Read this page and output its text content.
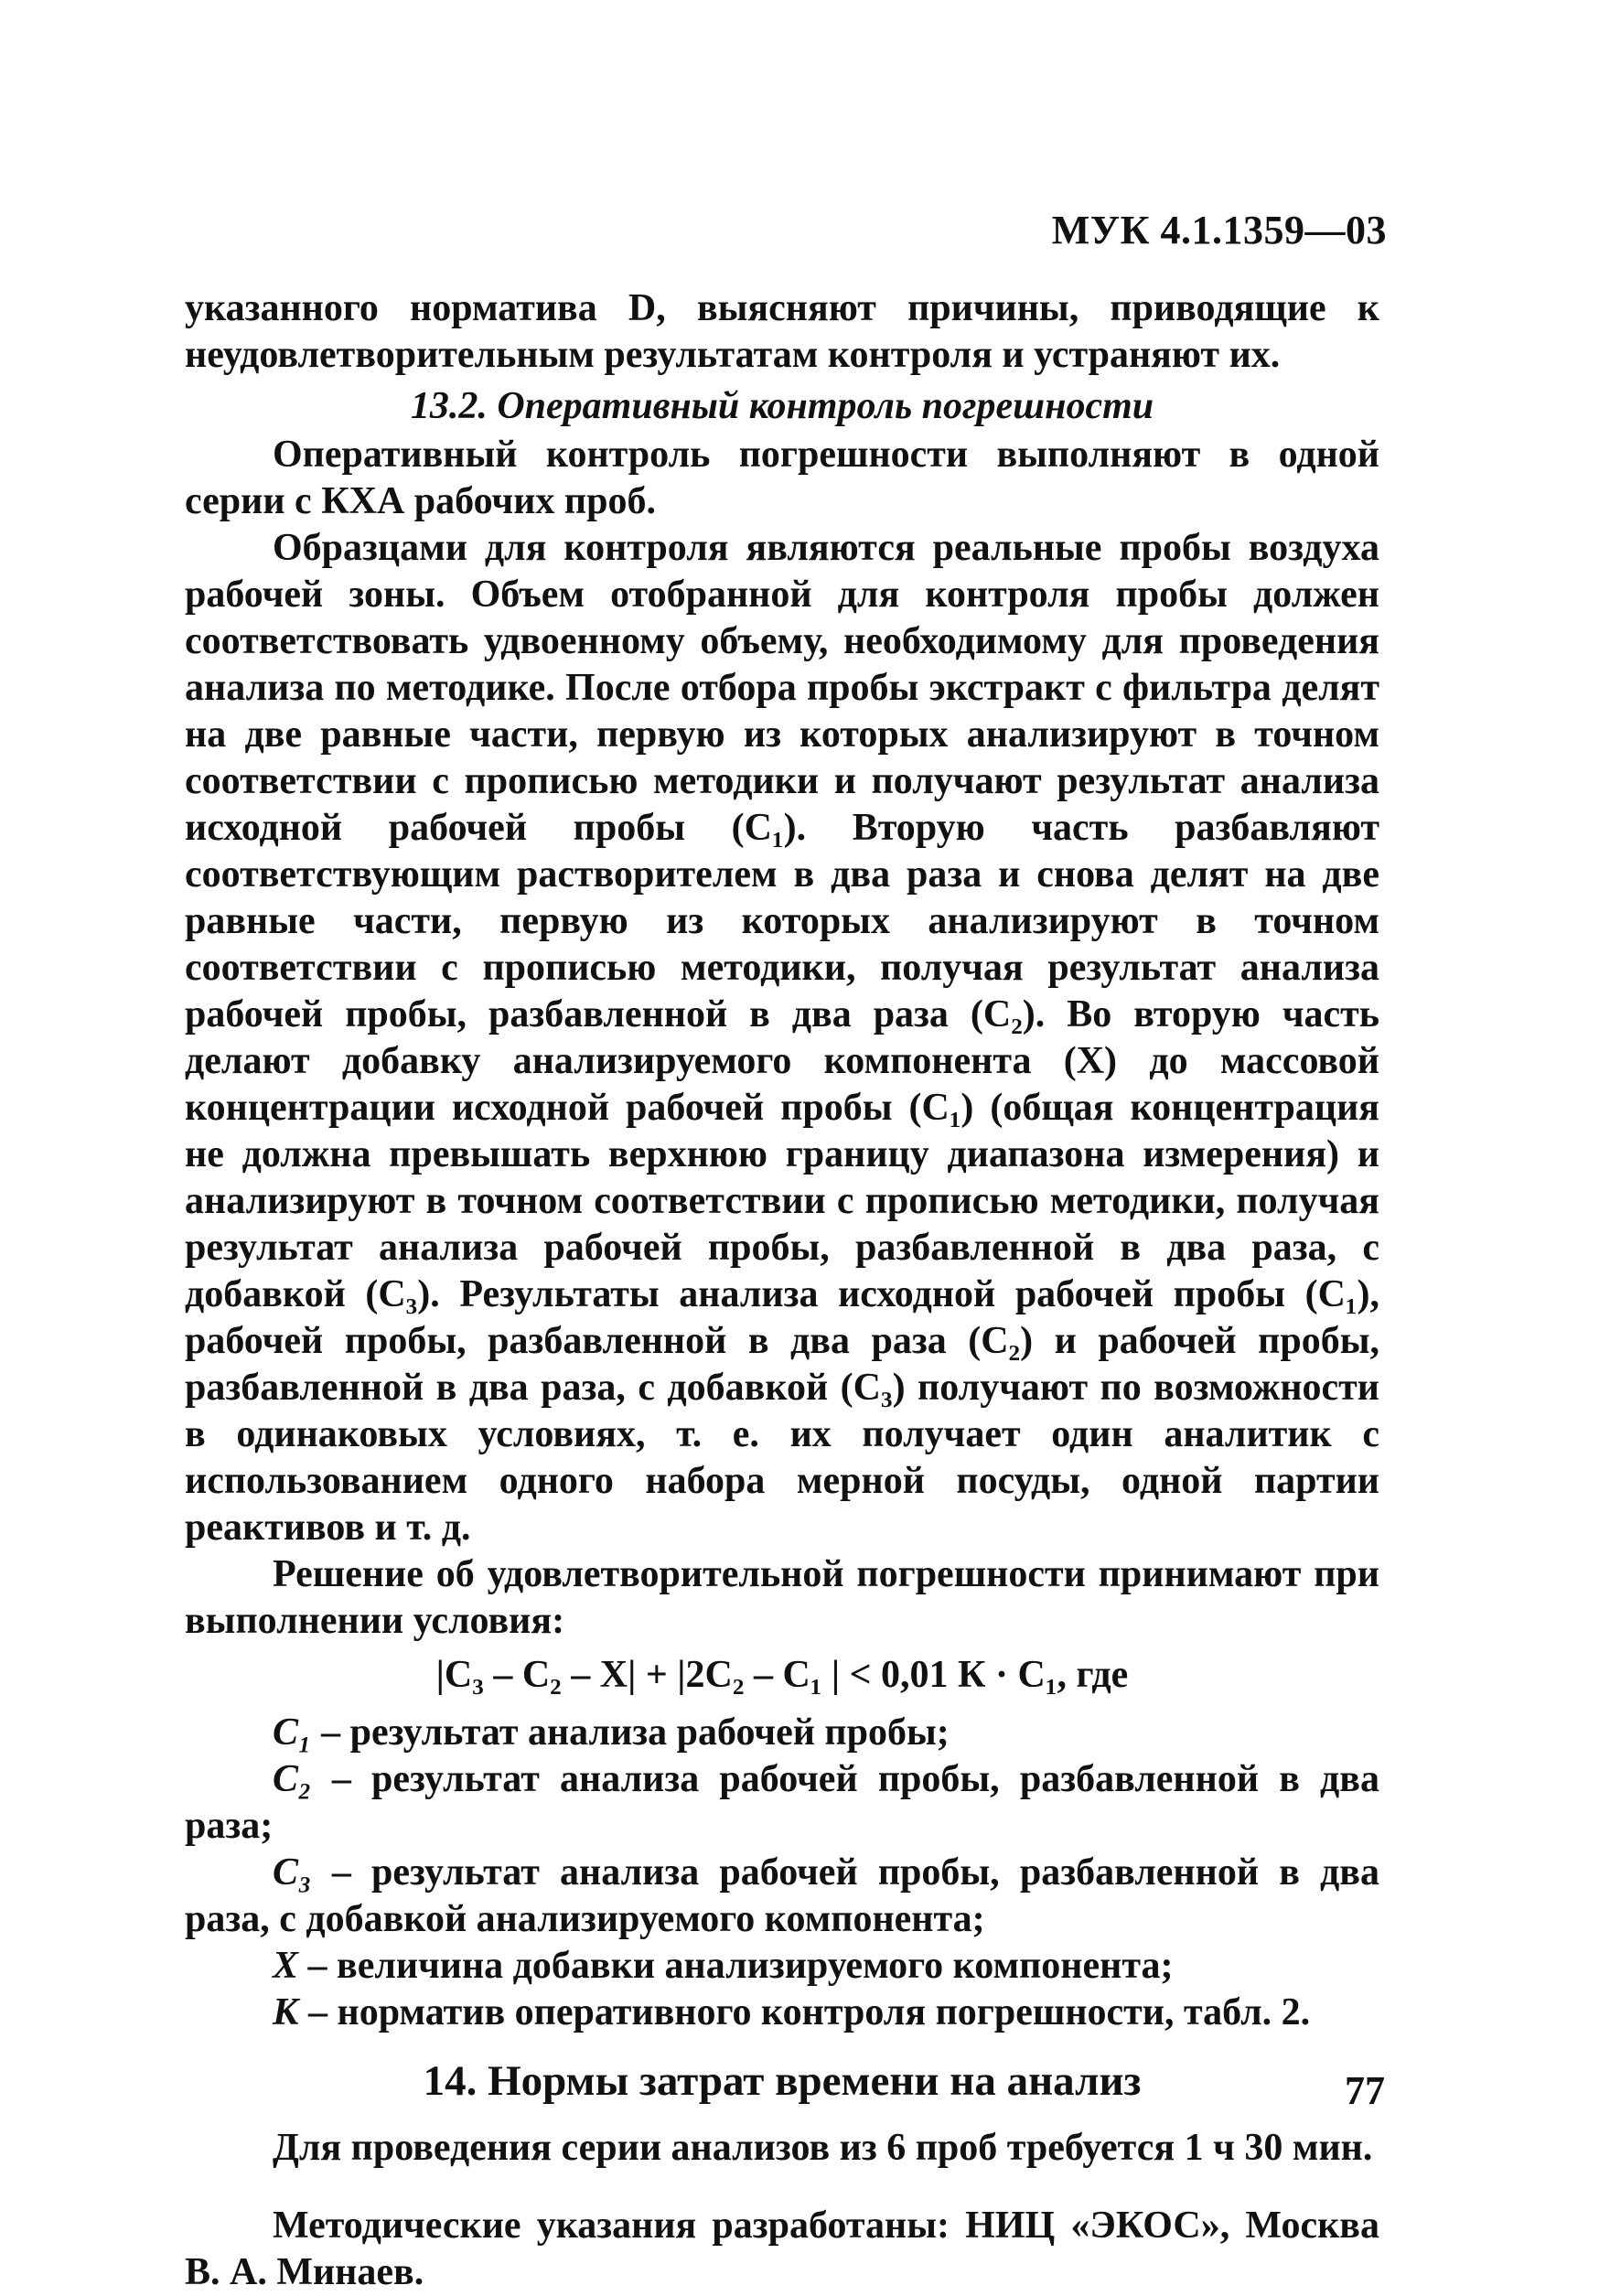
МУК 4.1.1359—03

указанного норматива D, выясняют причины, приводящие к неудовлетворительным результатам контроля и устраняют их.

13.2. Оперативный контроль погрешности

Оперативный контроль погрешности выполняют в одной серии с КХА рабочих проб.

Образцами для контроля являются реальные пробы воздуха рабочей зоны. Объем отобранной для контроля пробы должен соответствовать удвоенному объему, необходимому для проведения анализа по методике. После отбора пробы экстракт с фильтра делят на две равные части, первую из которых анализируют в точном соответствии с прописью методики и получают результат анализа исходной рабочей пробы (С₁). Вторую часть разбавляют соответствующим растворителем в два раза и снова делят на две равные части, первую из которых анализируют в точном соответствии с прописью методики, получая результат анализа рабочей пробы, разбавленной в два раза (С₂). Во вторую часть делают добавку анализируемого компонента (X) до массовой концентрации исходной рабочей пробы (С₁) (общая концентрация не должна превышать верхнюю границу диапазона измерения) и анализируют в точном соответствии с прописью методики, получая результат анализа рабочей пробы, разбавленной в два раза, с добавкой (С₃). Результаты анализа исходной рабочей пробы (С₁), рабочей пробы, разбавленной в два раза (С₂) и рабочей пробы, разбавленной в два раза, с добавкой (С₃) получают по возможности в одинаковых условиях, т. е. их получает один аналитик с использованием одного набора мерной посуды, одной партии реактивов и т. д.

Решение об удовлетворительной погрешности принимают при выполнении условия:

|С₃ – С₂ – X| + |2С₂ – С₁ | < 0,01 К · С₁, где

С₁ – результат анализа рабочей пробы;

С₂ – результат анализа рабочей пробы, разбавленной в два раза;

С₃ – результат анализа рабочей пробы, разбавленной в два раза, с добавкой анализируемого компонента;

X – величина добавки анализируемого компонента;

К – норматив оперативного контроля погрешности, табл. 2.

14. Нормы затрат времени на анализ

Для проведения серии анализов из 6 проб требуется 1 ч 30 мин.

Методические указания разработаны: НИЦ «ЭКОС», Москва В. А. Минаев.

77
